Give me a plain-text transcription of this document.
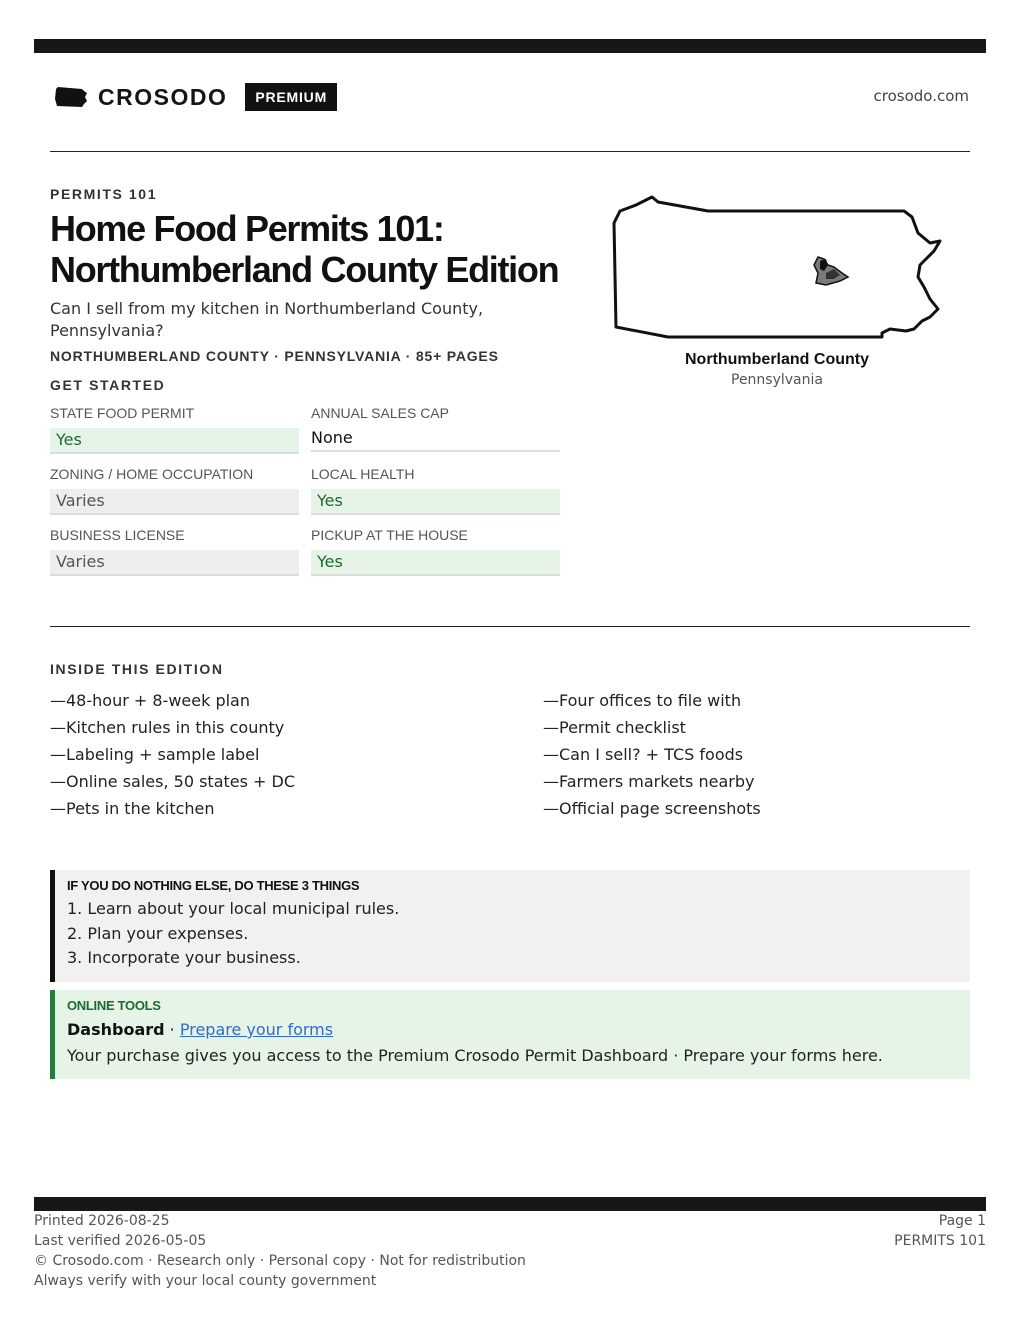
CROSODO	PREMIUM	crosodo.com
PERMITS 101
Home Food Permits 101:
Northumberland County Edition
Can I sell from my kitchen in Northumberland County, Pennsylvania?
NORTHUMBERLAND COUNTY · PENNSYLVANIA · 85+ PAGES	Northumberland County
Pennsylvania
GET STARTED
STATE FOOD PERMIT
Yes
ANNUAL SALES CAP
None
ZONING / HOME OCCUPATION
Varies
LOCAL HEALTH
Yes
BUSINESS LICENSE
Varies
PICKUP AT THE HOUSE
Yes
INSIDE THIS EDITION
—48-hour + 8-week plan
—Kitchen rules in this county
—Labeling + sample label
—Online sales, 50 states + DC
—Pets in the kitchen
—Four offices to file with
—Permit checklist
—Can I sell? + TCS foods
—Farmers markets nearby
—Official page screenshots
IF YOU DO NOTHING ELSE, DO THESE 3 THINGS
1. Learn about your local municipal rules.
2. Plan your expenses.
3. Incorporate your business.
ONLINE TOOLS
Dashboard · Prepare your forms
Your purchase gives you access to the Premium Crosodo Permit Dashboard · Prepare your forms here.
Printed 2026-08-25
Last verified 2026-05-05
© Crosodo.com · Research only · Personal copy · Not for redistribution
Always verify with your local county government
Page 1
PERMITS 101
